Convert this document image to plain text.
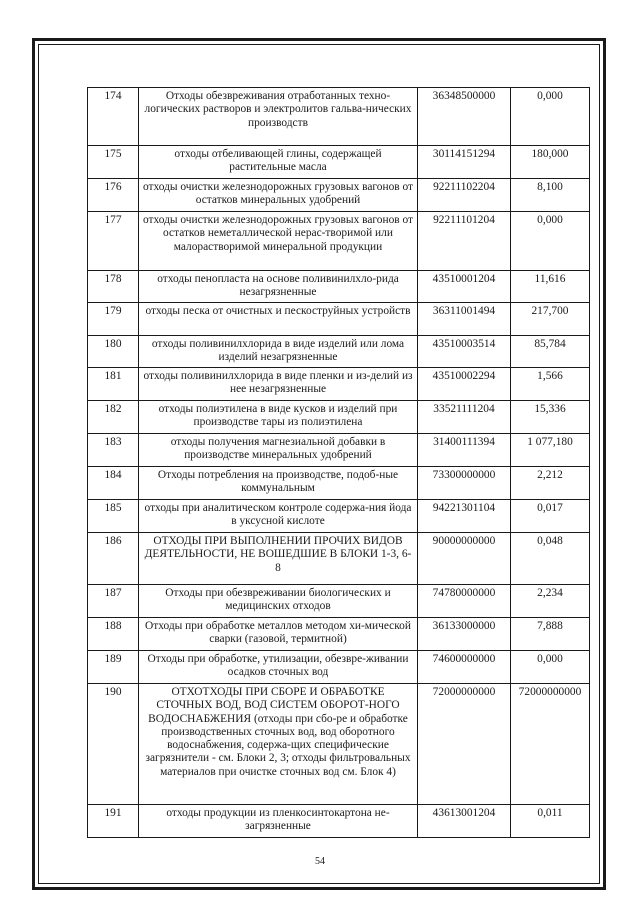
174	Отходы обезвреживания отработанных техно-логических растворов и электролитов гальва-нических производств	36348500000	0,000
175	отходы отбеливающей глины, содержащей растительные масла	30114151294	180,000
176	отходы очистки железнодорожных грузовых вагонов от остатков минеральных удобрений	92211102204	8,100
177	отходы очистки железнодорожных грузовых вагонов от остатков неметаллической нерас-творимой или малорастворимой минеральной продукции	92211101204	0,000
178	отходы пенопласта на основе поливинилхло-рида незагрязненные	43510001204	11,616
179	отходы песка от очистных и пескоструйных устройств	36311001494	217,700
180	отходы поливинилхлорида в виде изделий или лома изделий незагрязненные	43510003514	85,784
181	отходы поливинилхлорида в виде пленки и из-делий из нее незагрязненные	43510002294	1,566
182	отходы полиэтилена в виде кусков и изделий при производстве тары из полиэтилена	33521111204	15,336
183	отходы получения магнезиальной добавки в производстве минеральных удобрений	31400111394	1 077,180
184	Отходы потребления на производстве, подоб-ные коммунальным	73300000000	2,212
185	отходы при аналитическом контроле содержа-ния йода в уксусной кислоте	94221301104	0,017
186	ОТХОДЫ ПРИ ВЫПОЛНЕНИИ ПРОЧИХ ВИДОВ ДЕЯТЕЛЬНОСТИ, НЕ ВОШЕДШИЕ В БЛОКИ 1-3, 6-8	90000000000	0,048
187	Отходы при обезвреживании биологических и медицинских отходов	74780000000	2,234
188	Отходы при обработке металлов методом хи-мической сварки (газовой, термитной)	36133000000	7,888
189	Отходы при обработке, утилизации, обезвре-живании осадков сточных вод	74600000000	0,000
190	ОТХОТХОДЫ ПРИ СБОРЕ И ОБРАБОТКЕ СТОЧНЫХ ВОД, ВОД СИСТЕМ ОБОРОТ-НОГО ВОДОСНАБЖЕНИЯ (отходы при сбо-ре и обработке производственных сточных вод, вод оборотного водоснабжения, содержа-щих специфические загрязнители - см. Блоки 2, 3; отходы фильтровальных материалов при очистке сточных вод см. Блок 4)	72000000000	72000000000
191	отходы продукции из пленкосинтокартона не-загрязненные	43613001204	0,011
54
